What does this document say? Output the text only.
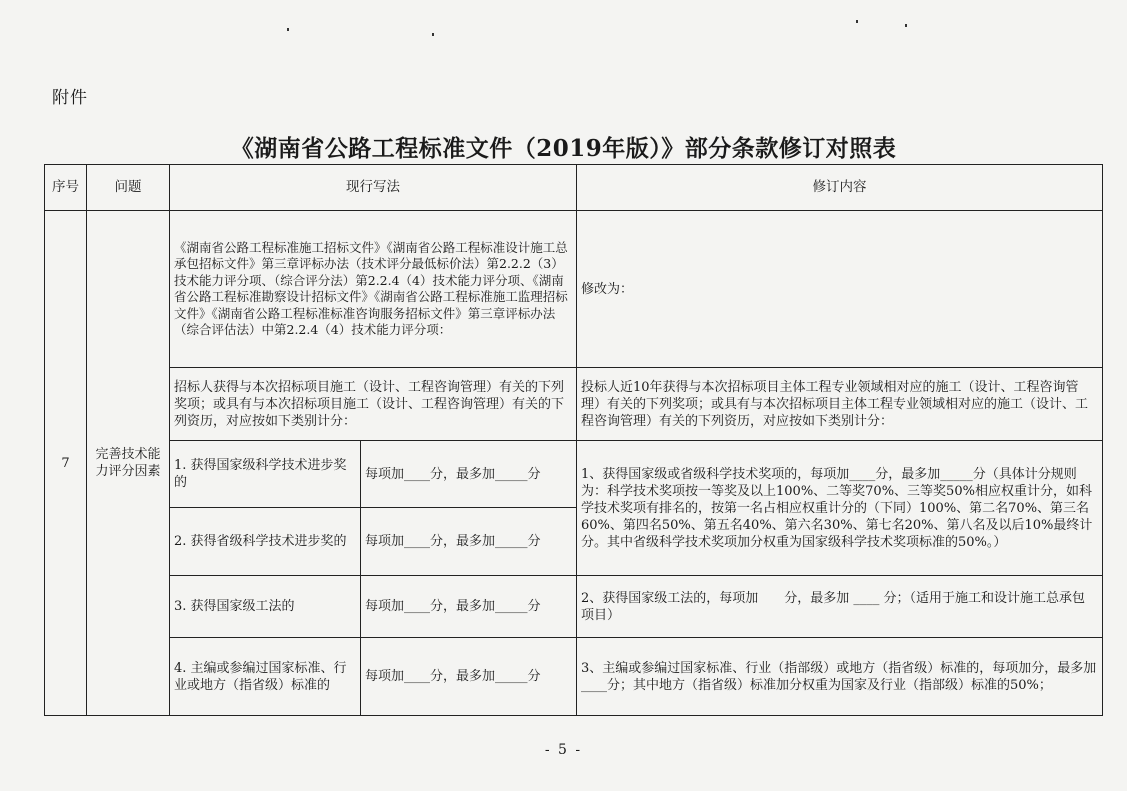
附件
《湖南省公路工程标准文件（2019年版）》部分条款修订对照表
序号	问题	现行写法		修订内容
7	完善技术能力评分因素	《湖南省公路工程标准施工招标文件》《湖南省公路工程标准设计施工总承包招标文件》第三章评标办法（技术评分最低标价法）第2.2.2（3）技术能力评分项、（综合评分法）第2.2.4（4）技术能力评分项、《湖南省公路工程标准勘察设计招标文件》《湖南省公路工程标准施工监理招标文件》《湖南省公路工程标准标准咨询服务招标文件》第三章评标办法（综合评估法）中第2.2.4（4）技术能力评分项：		修改为：
		招标人获得与本次招标项目施工（设计、工程咨询管理）有关的下列奖项；或具有与本次招标项目施工（设计、工程咨询管理）有关的下列资历，对应按如下类别计分：		投标人近10年获得与本次招标项目主体工程专业领域相对应的施工（设计、工程咨询管理）有关的下列奖项；或具有与本次招标项目主体工程专业领域相对应的施工（设计、工程咨询管理）有关的下列资历，对应按如下类别计分：
		1. 获得国家级科学技术进步奖的	每项加____分，最多加_____分	1、获得国家级或省级科学技术奖项的，每项加____分，最多加_____分（具体计分规则为：科学技术奖项按一等奖及以上100%、二等奖70%、三等奖50%相应权重计分，如科学技术奖项有排名的，按第一名占相应权重计分的（下同）100%、第二名70%、第三名60%、第四名50%、第五名40%、第六名30%、第七名20%、第八名及以后10%最终计分。其中省级科学技术奖项加分权重为国家级科学技术奖项标准的50%。）
		2. 获得省级科学技术进步奖的	每项加____分，最多加_____分	
		3. 获得国家级工法的	每项加____分，最多加_____分	2、获得国家级工法的，每项加　　分，最多加 ____ 分；（适用于施工和设计施工总承包项目）
		4. 主编或参编过国家标准、行业或地方（指省级）标准的	每项加____分，最多加_____分	3、主编或参编过国家标准、行业（指部级）或地方（指省级）标准的，每项加分，最多加____分；其中地方（指省级）标准加分权重为国家及行业（指部级）标准的50%；
- 5 -
